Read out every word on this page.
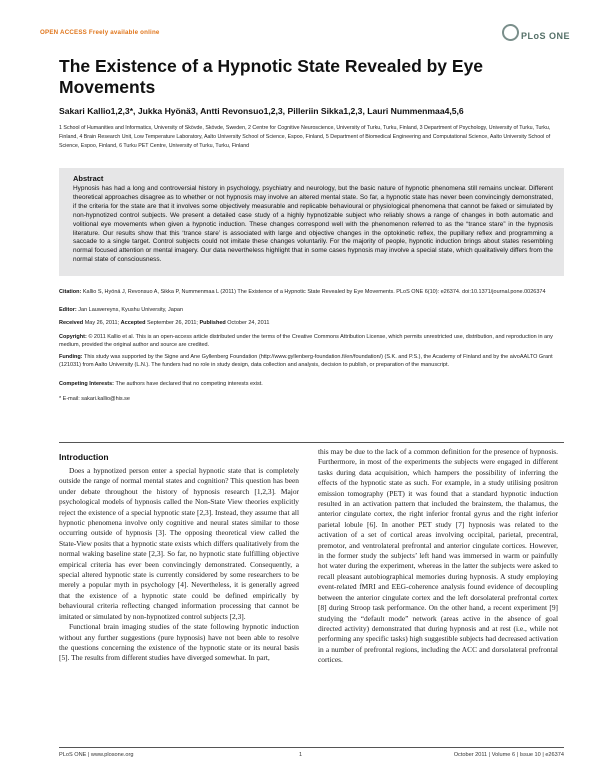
OPEN ACCESS Freely available online	PLoS ONE
The Existence of a Hypnotic State Revealed by Eye Movements
Sakari Kallio1,2,3*, Jukka Hyönä3, Antti Revonsuo1,2,3, Pilleriin Sikka1,2,3, Lauri Nummenmaa4,5,6
1 School of Humanities and Informatics, University of Skövde, Skövde, Sweden, 2 Centre for Cognitive Neuroscience, University of Turku, Turku, Finland, 3 Department of Psychology, University of Turku, Turku, Finland, 4 Brain Research Unit, Low Temperature Laboratory, Aalto University School of Science, Espoo, Finland, 5 Department of Biomedical Engineering and Computational Science, Aalto University School of Science, Espoo, Finland, 6 Turku PET Centre, University of Turku, Turku, Finland
Abstract
Hypnosis has had a long and controversial history in psychology, psychiatry and neurology, but the basic nature of hypnotic phenomena still remains unclear. Different theoretical approaches disagree as to whether or not hypnosis may involve an altered mental state. So far, a hypnotic state has never been convincingly demonstrated, if the criteria for the state are that it involves some objectively measurable and replicable behavioural or physiological phenomena that cannot be faked or simulated by non-hypnotized control subjects. We present a detailed case study of a highly hypnotizable subject who reliably shows a range of changes in both automatic and volitional eye movements when given a hypnotic induction. These changes correspond well with the phenomenon referred to as the “trance stare” in the hypnosis literature. Our results show that this ‘trance stare’ is associated with large and objective changes in the optokinetic reflex, the pupillary reflex and programming a saccade to a single target. Control subjects could not imitate these changes voluntarily. For the majority of people, hypnotic induction brings about states resembling normal focused attention or mental imagery. Our data nevertheless highlight that in some cases hypnosis may involve a special state, which qualitatively differs from the normal state of consciousness.
Citation: Kallio S, Hyönä J, Revonsuo A, Sikka P, Nummenmaa L (2011) The Existence of a Hypnotic State Revealed by Eye Movements. PLoS ONE 6(10): e26374. doi:10.1371/journal.pone.0026374
Editor: Jan Lauwereyns, Kyushu University, Japan
Received May 26, 2011; Accepted September 26, 2011; Published October 24, 2011
Copyright: © 2011 Kallio et al. This is an open-access article distributed under the terms of the Creative Commons Attribution License, which permits unrestricted use, distribution, and reproduction in any medium, provided the original author and source are credited.
Funding: This study was supported by the Signe and Ane Gyllenberg Foundation (http://www.gyllenberg-foundation.fi/en/foundation/) (S.K. and P.S.), the Academy of Finland and by the aivoAALTO Grant (121031) from Aalto University (L.N.). The funders had no role in study design, data collection and analysis, decision to publish, or preparation of the manuscript.
Competing Interests: The authors have declared that no competing interests exist.
* E-mail: sakari.kallio@his.se
Introduction

Does a hypnotized person enter a special hypnotic state that is completely outside the range of normal mental states and cognition? This question has been under debate throughout the history of hypnosis research [1,2,3]. Major psychological models of hypnosis called the Non-State View theories explicitly reject the existence of a special hypnotic state [2,3]. Instead, they assume that all hypnotic phenomena involve only cognitive and neural states similar to those occurring outside of hypnosis [3]. The opposing theoretical view called the State-View posits that a hypnotic state exists which differs qualitatively from the normal waking baseline state [2,3]. So far, no hypnotic state fulfilling objective empirical criteria has ever been convincingly demonstrated. Consequently, a special altered hypnotic state is currently considered by some researchers to be merely a popular myth in psychology [4]. Nevertheless, it is generally agreed that the existence of a hypnotic state could be defined empirically by behavioural criteria reflecting changed information processing that cannot be imitated or simulated by non-hypnotized control subjects [2,3].

Functional brain imaging studies of the state following hypnotic induction without any further suggestions (pure hypnosis) have not been able to resolve the questions concerning the existence of the hypnotic state or its neural basis [5]. The results from different studies have diverged somewhat. In part,

this may be due to the lack of a common definition for the presence of hypnosis. Furthermore, in most of the experiments the subjects were engaged in different tasks during data acquisition, which hampers the possibility of inferring the effects of the hypnotic state as such. For example, in a study utilising positron emission tomography (PET) it was found that a standard hypnotic induction resulted in an activation pattern that included the brainstem, the thalamus, the anterior cingulate cortex, the right inferior frontal gyrus and the right inferior parietal lobule [6]. In another PET study [7] hypnosis was related to the activation of a set of cortical areas involving occipital, parietal, precentral, premotor, and ventrolateral prefrontal and anterior cingulate cortices. However, in the former study the subjects’ left hand was immersed in warm or painfully hot water during the experiment, whereas in the latter the subjects were asked to recall pleasant autobiographical memories during hypnosis. A study employing event-related fMRI and EEG-coherence analysis found evidence of decoupling between the anterior cingulate cortex and the left dorsolateral prefrontal cortex [8] during Stroop task performance. On the other hand, a recent experiment [9] studying the “default mode” network (areas active in the absence of goal directed activity) demonstrated that during hypnosis and at rest (i.e., while not performing any specific tasks) high suggestible subjects had decreased activation in a number of prefrontal regions, including the ACC and dorsolateral prefrontal cortices.

PLoS ONE | www.plosone.org	1	October 2011 | Volume 6 | Issue 10 | e26374
